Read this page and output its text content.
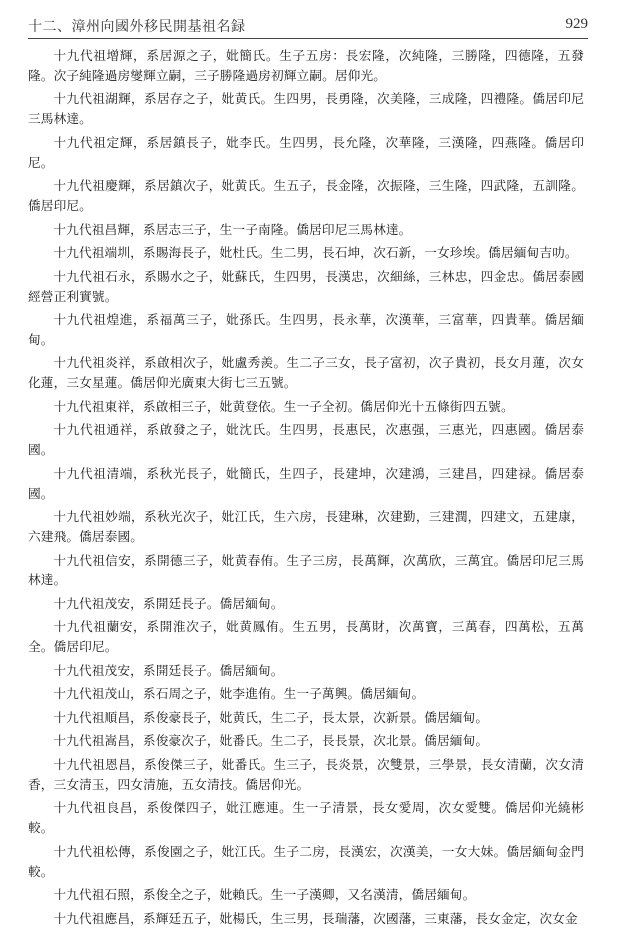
十二、漳州向國外移民開基祖名録	929

十九代祖增輝，系居源之子，妣簡氏。生子五房：長宏隆，次純隆，三勝隆，四德隆，五發隆。次子純隆過房燮輝立嗣，三子勝隆過房初輝立嗣。居仰光。

十九代祖湖輝，系居存之子，妣黄氏。生四男，長勇隆，次美隆，三成隆，四禮隆。僑居印尼三馬林達。

十九代祖定輝，系居鎮長子，妣李氏。生四男，長允隆，次華隆，三漢隆，四燕隆。僑居印尼。

十九代祖慶輝，系居鎮次子，妣黄氏。生五子，長金隆，次振隆，三生隆，四武隆，五訓隆。僑居印尼。

十九代祖昌輝，系居志三子，生一子南隆。僑居印尼三馬林達。

十九代祖端圳，系賜海長子，妣杜氏。生二男，長石坤，次石新，一女珍埃。僑居緬甸吉叻。

十九代祖石永，系賜水之子，妣蘇氏，生四男，長漢忠，次細絲，三林忠，四金忠。僑居泰國經營正利實號。

十九代祖煌進，系福萬三子，妣孫氏。生四男，長永華，次漢華，三富華，四貴華。僑居緬甸。

十九代祖炎祥，系啟相次子，妣盧秀羨。生二子三女，長子富初，次子貴初，長女月蓮，次女化蓮，三女星蓮。僑居仰光廣東大街七三五號。

十九代祖東祥，系啟相三子，妣黄登依。生一子全初。僑居仰光十五條街四五號。

十九代祖通祥，系啟發之子，妣沈氏。生四男，長惠民，次惠强，三惠光，四惠國。僑居泰國。

十九代祖清端，系秋光長子，妣簡氏，生四子，長建坤，次建鴻，三建昌，四建禄。僑居泰國。

十九代祖妙端，系秋光次子，妣江氏，生六房，長建琳，次建勤，三建潤，四建文，五建康，六建飛。僑居泰國。

十九代祖信安，系開德三子，妣黄春侑。生子三房，長萬輝，次萬欣，三萬宜。僑居印尼三馬林達。

十九代祖茂安，系開廷長子。僑居緬甸。

十九代祖蘭安，系開淮次子，妣黄鳳侑。生五男，長萬財，次萬寶，三萬春，四萬松，五萬全。僑居印尼。

十九代祖茂安，系開廷長子。僑居緬甸。

十九代祖茂山，系石周之子，妣李進侑。生一子萬興。僑居緬甸。

十九代祖順昌，系俊豪長子，妣黄氏，生二子，長太景，次新景。僑居緬甸。

十九代祖嵩昌，系俊豪次子，妣番氏。生二子，長長景，次北景。僑居緬甸。

十九代祖恩昌，系俊傑三子，妣番氏。生三子，長炎景，次雙景，三學景，長女清蘭，次女清香，三女清玉，四女清施，五女清技。僑居仰光。

十九代祖良昌，系俊傑四子，妣江應連。生一子清景，長女愛周，次女愛雙。僑居仰光繞彬較。

十九代祖松傳，系俊園之子，妣江氏。生子二房，長漢宏，次漢美，一女大妹。僑居緬甸金門較。

十九代祖石照，系俊全之子，妣賴氏。生一子漢卿，又名漢清，僑居緬甸。

十九代祖應昌，系輝廷五子，妣楊氏，生三男，長瑞藩，次國藩，三東藩，長女金定，次女金
